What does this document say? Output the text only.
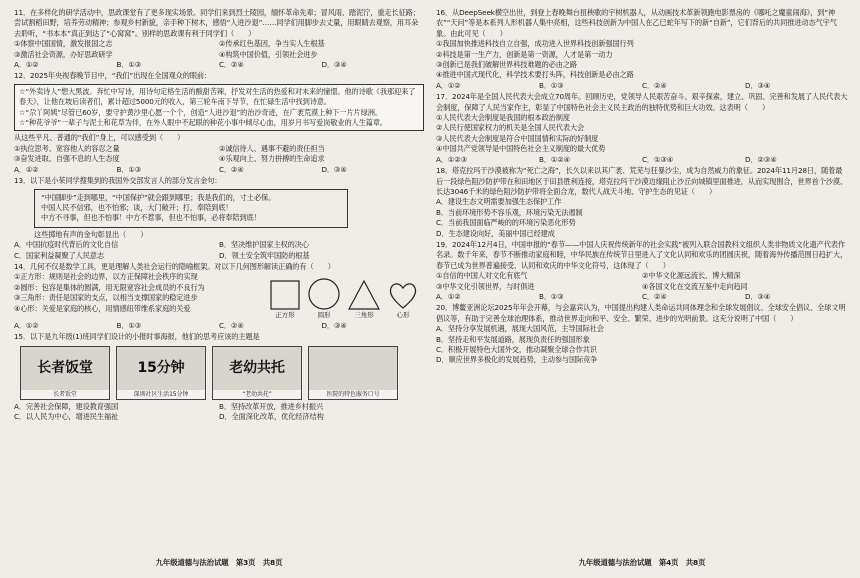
11．在多样化的研学活动中，思政课堂有了更多现实场景。同学们来到烈士陵园，缅怀革命先辈；冒风雨、踏泥泞，重走长征路；尝试割稻田野，培养劳动精神；参观乡村新貌，亲手种下树木，感悟“人进沙退”……同学们用脚步去丈量，用眼睛去观察，用耳朵去聆听，“书本本”真正到达了“心窝窝”。别样的思政课有利于同学们（　　）
①体察中国国情，激发报国之志	②传承红色基因，争当实人生根基
③激活社会资源，办好思政研学	④构筑中国价值，引领社会进步
A．①②	B．①③	C．②④	D．③④
12．2025年央视春晚节目中，“我们”出现在全国观众的眼前：
☆“外卖诗人”想大黑波。奔忙中写诗，用诗句定格生活的酸甜苦辣，抒发对生活的热爱和对未来的憧憬。他的诗歌《我那迎来了春天》，让他在坡后读者们，累计超过5000元的收入，第三轮车南下导节，在忙碌生活中找到诗意。
☆“尕丫阿姨”尽管已60岁，要守护黄沙里心愿一个个，创造“人进沙退”的治沙奇迹，在广袤荒漠上种下一片片绿洲。
☆“种花爷爷”一辈子与泥土和花草为伴，在外人眼中不起眼的种花小事中倾尽心血，用岁月书写爱岗敬业的人生篇章。
从这些平凡、普通的“我们”身上，可以感受到（　　）
①执位思考、宽容他人的容忍之量	②诚信待人、遇事不避的责任担当
③奋发进取、自强不息的人生态度	④乐观向上、努力拼搏的生命追求
A．①②	B．①③	C．②④	D．③④
13．以下是小茱同学搜集到的我国外交部发言人的部分发言金句：
“中国脚步”走到哪里，“中国保护”就会跟到哪里；我是我们的，寸土必保。
中国人民不信邪，也不怕邪；谈，大门敞开；打，奉陪到底！
中方不寻事，但也不怕事！中方不惹事，但也不怕事，必将奉陪到底！
这些掷地有声的金句彰显出（　　）
A．中国抗疫时代背后的文化自信	B．坚决维护国家主权的决心
C．国家利益凝聚了人民意志	D．领土安全筑牢国防的根基
14．几何不仅是数学工具，更是理解人类社会运行的隐喻框架。对以下几何图形解读正确的有（　　）
①正方形：规则是社会的边界，以方正保障社会秩序的实现
②圆形：包容是集体的圆满，用无限宽容社会成员的不良行为
③三角形：责任是国家的支点，以相当支撑国家的稳定进步
④心形：关爱是家庭的核心，用情感纽带维系家庭的关爱
正方形	圆形	三角形	心形
A．①②	B．①③	C．②④	D．③④
15．以下是九年级(1)班同学们设计的小报时事海报，他们的思考应该的主题是
长者饭堂
长者饭堂
15分钟
深圳社区生活15分钟
老幼共托
“老幼共托”	医院的特色服务口号
A．完善社会保障，建设教育强国	B．坚持改革开放，推进乡村振兴
C．以人民为中心，增进民生福祉	D．全面深化改革，优化经济结构
九年级道德与法治试题　第3页　共8页
16．从DeepSeek横空出世，到登上春晚舞台扭秧歌的宇树机器人，从动画技术革新领跑电影票房的《哪吒之魔童闹海》，到“神农”“天问”等是本系列人形机器人集中亮相，这些科技创新为中国人在乙巳蛇年写下的新“自新”，它们背后的共同推进动态气宇气象。由此可见（　　）
①我国加快推进科技自立自强，成功进入世界科技创新强国行列
②科技是第一生产力，创新是第一资源，人才是第一动力
③创新已是我们破解世界科技难题的必由之路
④推进中国式现代化，科学技术要打头阵，科技创新是必由之路
A．①②	B．①③	C．②④	D．③④
17．2024年是全国人民代表大会成立70周年。回顾历史，党领导人民艰苦奋斗、艰辛探索，建立、巩固、完善和发展了人民代表大会制度，保障了人民当家作主，彰显了中国特色社会主义民主政治的独特优势和巨大功效。这表明（　　）
①人民代表大会制度是我国的根本政治制度
②人民行使国家权力的机关是全国人民代表大会
③人民代表大会制度是符合中国国情和实际的好制度
④中国共产党领导是中国特色社会主义制度的最大优势
A．①②③	B．①②④	C．①③④	D．②③④
18．塔克拉玛干沙漠被称为“死亡之海”，长久以来以其广袤、荒芜与狂暴沙尘，成为自然威力的象征。2024年11月28日，随着最后一段绿色阻沙防护带在和田地区于田县胜利连接，塔克拉玛干沙漠边缘阻止沙丘向城镇里面推进，从而实现围合，世界首个沙漠、长达3046千米的绿色阻沙防护带将全面合龙，数代人战天斗地、守护生态的见证（　　）
A．建设生态文明需要加强生态保护工作
B．当前环境形势不容乐观，环境污染无法遏制
C．当前我国面临严峻的的环境污染恶化形势
D．生态建设向好，美丽中国已经建成
19．2024年12月4日，中国申报的“春节——中国人庆祝传统新年的社会实践”被列入联合国教科文组织人类非物质文化遗产代表作名录。数千年来，春节不断推动家庭和睦，中华民族在传统节日里进入了文化认同和欢乐的团圆庆祝，随着海外传播范围日趋扩大，春节已成为世界普遍接受、认同和欢庆的中华文化符号，这体现了（　　）
①自信的中国人对文化有底气	②中华文化源远流长、博大精深
③中华文化引领世界，与时俱进	④各国文化在交流互鉴中走向趋同
A．①②	B．①③	C．②④	D．③④
20．博鳌亚洲论坛2025年年会开幕，与会嘉宾认为，中国提出构建人类命运共同体理念和全球发展倡议、全球安全倡议、全球文明倡议等，有助于完善全球治理体系，推动世界走向和平、安全、繁荣、进步的光明前景。这充分说明了中国（　　）
A．坚持分享发展机遇，展现大国风范，主导国际社会
B．坚持走和平发展道路，展现负责任的强国形象
C．积极开展特色大国外交，推动凝聚全球合作共识
D．顺应世界多极化的发展趋势，主动参与国际竞争
九年级道德与法治试题　第4页　共8页
